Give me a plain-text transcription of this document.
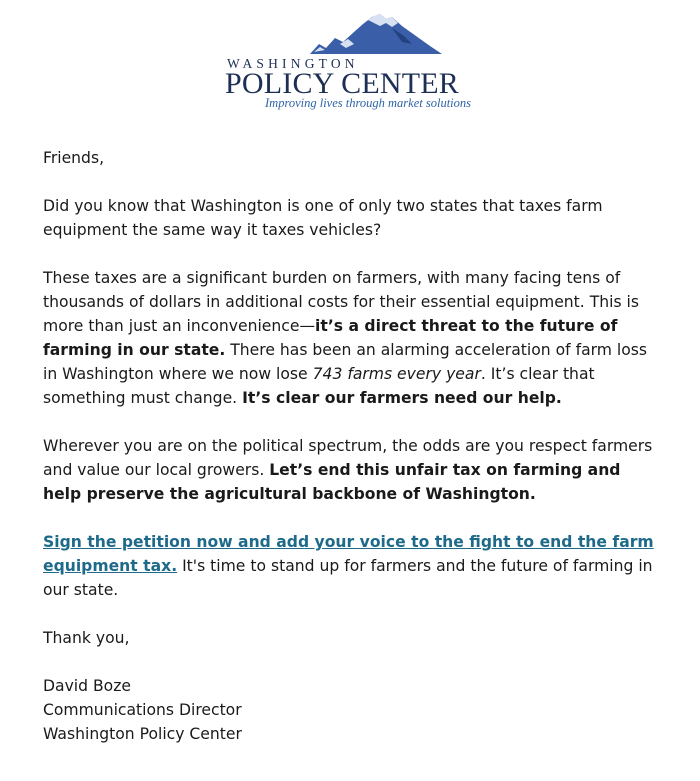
WASHINGTON
POLICY CENTER
Improving lives through market solutions

Friends,

Did you know that Washington is one of only two states that taxes farm equipment the same way it taxes vehicles?

These taxes are a significant burden on farmers, with many facing tens of thousands of dollars in additional costs for their essential equipment. This is more than just an inconvenience—it’s a direct threat to the future of farming in our state. There has been an alarming acceleration of farm loss in Washington where we now lose 743 farms every year. It’s clear that something must change. It’s clear our farmers need our help.

Wherever you are on the political spectrum, the odds are you respect farmers and value our local growers. Let’s end this unfair tax on farming and help preserve the agricultural backbone of Washington.

Sign the petition now and add your voice to the fight to end the farm equipment tax. It's time to stand up for farmers and the future of farming in our state.

Thank you,

David Boze
Communications Director
Washington Policy Center
